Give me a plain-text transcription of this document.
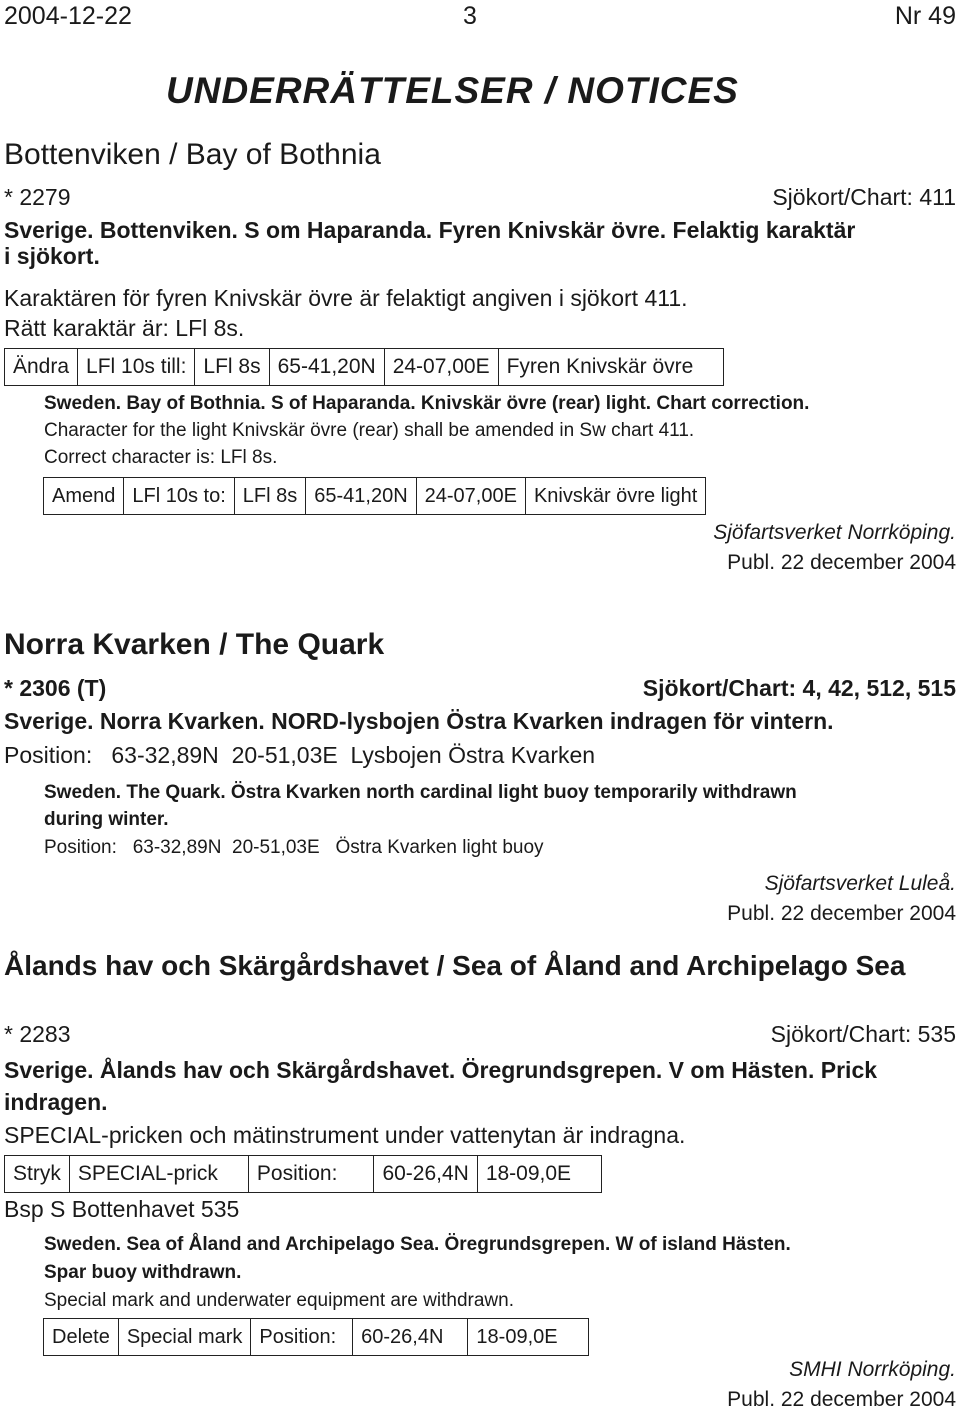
2004-12-22	3	Nr 49
UNDERRÄTTELSER / NOTICES
Bottenviken / Bay of Bothnia
* 2279	Sjökort/Chart: 411
Sverige. Bottenviken. S om Haparanda. Fyren Knivskär övre. Felaktig karaktär
i sjökort.
Karaktären för fyren Knivskär övre är felaktigt angiven i sjökort 411.
Rätt karaktär är: LFl 8s.
Ändra	LFl 10s till:	LFl 8s	65-41,20N	24-07,00E	Fyren Knivskär övre
Sweden. Bay of Bothnia. S of Haparanda. Knivskär övre (rear) light. Chart correction.
Character for the light Knivskär övre (rear) shall be amended in Sw chart 411.
Correct character is: LFl 8s.
Amend	LFl 10s to:	LFl 8s	65-41,20N	24-07,00E	Knivskär övre light
Sjöfartsverket Norrköping.
Publ. 22 december 2004
Norra Kvarken / The Quark
* 2306 (T)	Sjökort/Chart: 4, 42, 512, 515
Sverige. Norra Kvarken. NORD-lysbojen Östra Kvarken indragen för vintern.
Position:   63-32,89N  20-51,03E  Lysbojen Östra Kvarken
Sweden. The Quark. Östra Kvarken north cardinal light buoy temporarily withdrawn
during winter.
Position:   63-32,89N  20-51,03E   Östra Kvarken light buoy
Sjöfartsverket Luleå.
Publ. 22 december 2004
Ålands hav och Skärgårdshavet / Sea of Åland and Archipelago Sea
* 2283	Sjökort/Chart: 535
Sverige. Ålands hav och Skärgårdshavet. Öregrundsgrepen. V om Hästen. Prick
indragen.
SPECIAL-pricken och mätinstrument under vattenytan är indragna.
Stryk	SPECIAL-prick	Position:	60-26,4N	18-09,0E
Bsp S Bottenhavet 535
Sweden. Sea of Åland and Archipelago Sea. Öregrundsgrepen. W of island Hästen.
Spar buoy withdrawn.
Special mark and underwater equipment are withdrawn.
Delete	Special mark	Position:	60-26,4N	18-09,0E
SMHI Norrköping.
Publ. 22 december 2004
